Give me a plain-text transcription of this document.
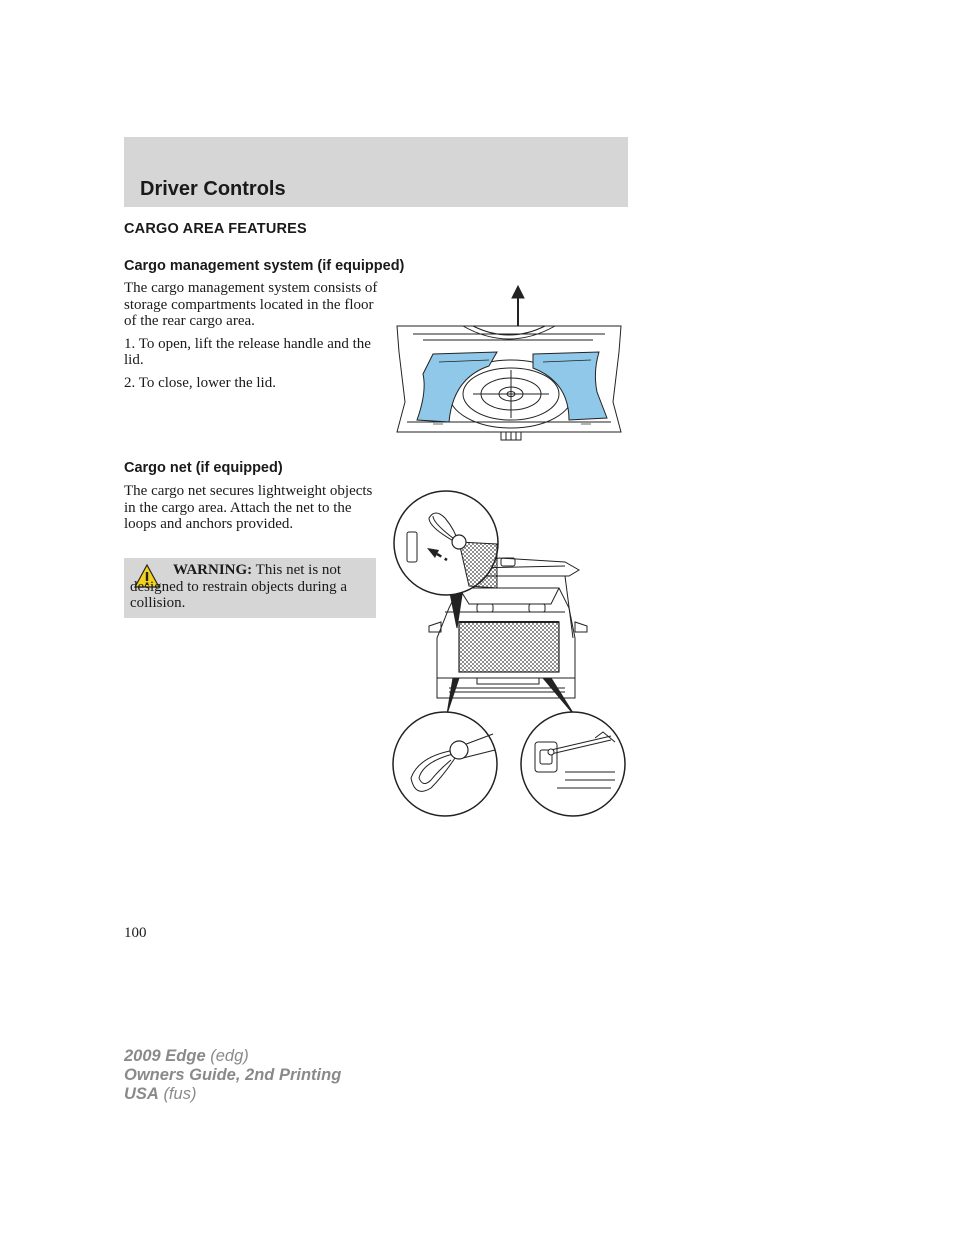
Driver Controls
CARGO AREA FEATURES
Cargo management system (if equipped)

The cargo management system consists of storage compartments located in the floor of the rear cargo area.

1. To open, lift the release handle and the lid.

2. To close, lower the lid.

Cargo net (if equipped)

The cargo net secures lightweight objects in the cargo area. Attach the net to the loops and anchors provided.

WARNING: This net is not designed to restrain objects during a collision.
100
2009 Edge (edg)
Owners Guide, 2nd Printing
USA (fus)
